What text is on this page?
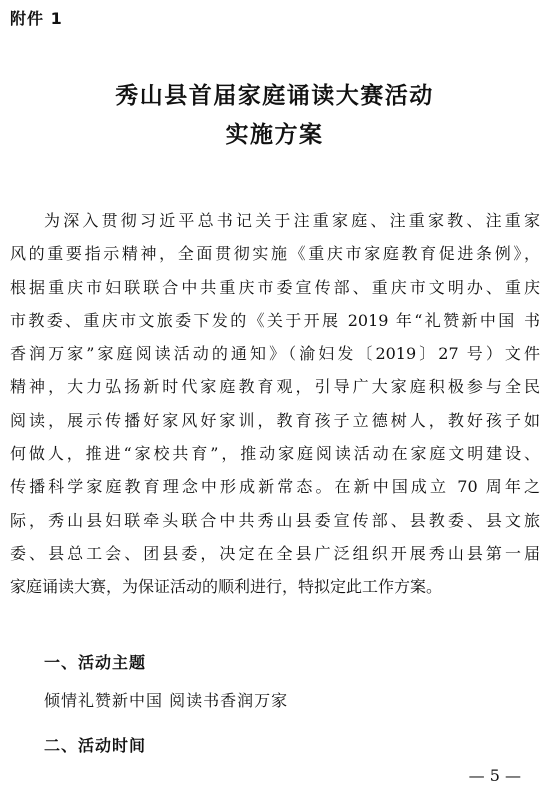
附件 1
秀山县首届家庭诵读大赛活动
实施方案
为深入贯彻习近平总书记关于注重家庭、注重家教、注重家
风的重要指示精神，全面贯彻实施《重庆市家庭教育促进条例》，
根据重庆市妇联联合中共重庆市委宣传部、重庆市文明办、重庆
市教委、重庆市文旅委下发的《关于开展 2019 年“礼赞新中国 书
香润万家”家庭阅读活动的通知》（渝妇发〔2019〕27 号）文件
精神，大力弘扬新时代家庭教育观，引导广大家庭积极参与全民
阅读，展示传播好家风好家训，教育孩子立德树人，教好孩子如
何做人，推进“家校共育”，推动家庭阅读活动在家庭文明建设、
传播科学家庭教育理念中形成新常态。在新中国成立 70 周年之
际，秀山县妇联牵头联合中共秀山县委宣传部、县教委、县文旅
委、县总工会、团县委，决定在全县广泛组织开展秀山县第一届
家庭诵读大赛，为保证活动的顺利进行，特拟定此工作方案。
一、活动主题
倾情礼赞新中国 阅读书香润万家
二、活动时间
— 5 —
